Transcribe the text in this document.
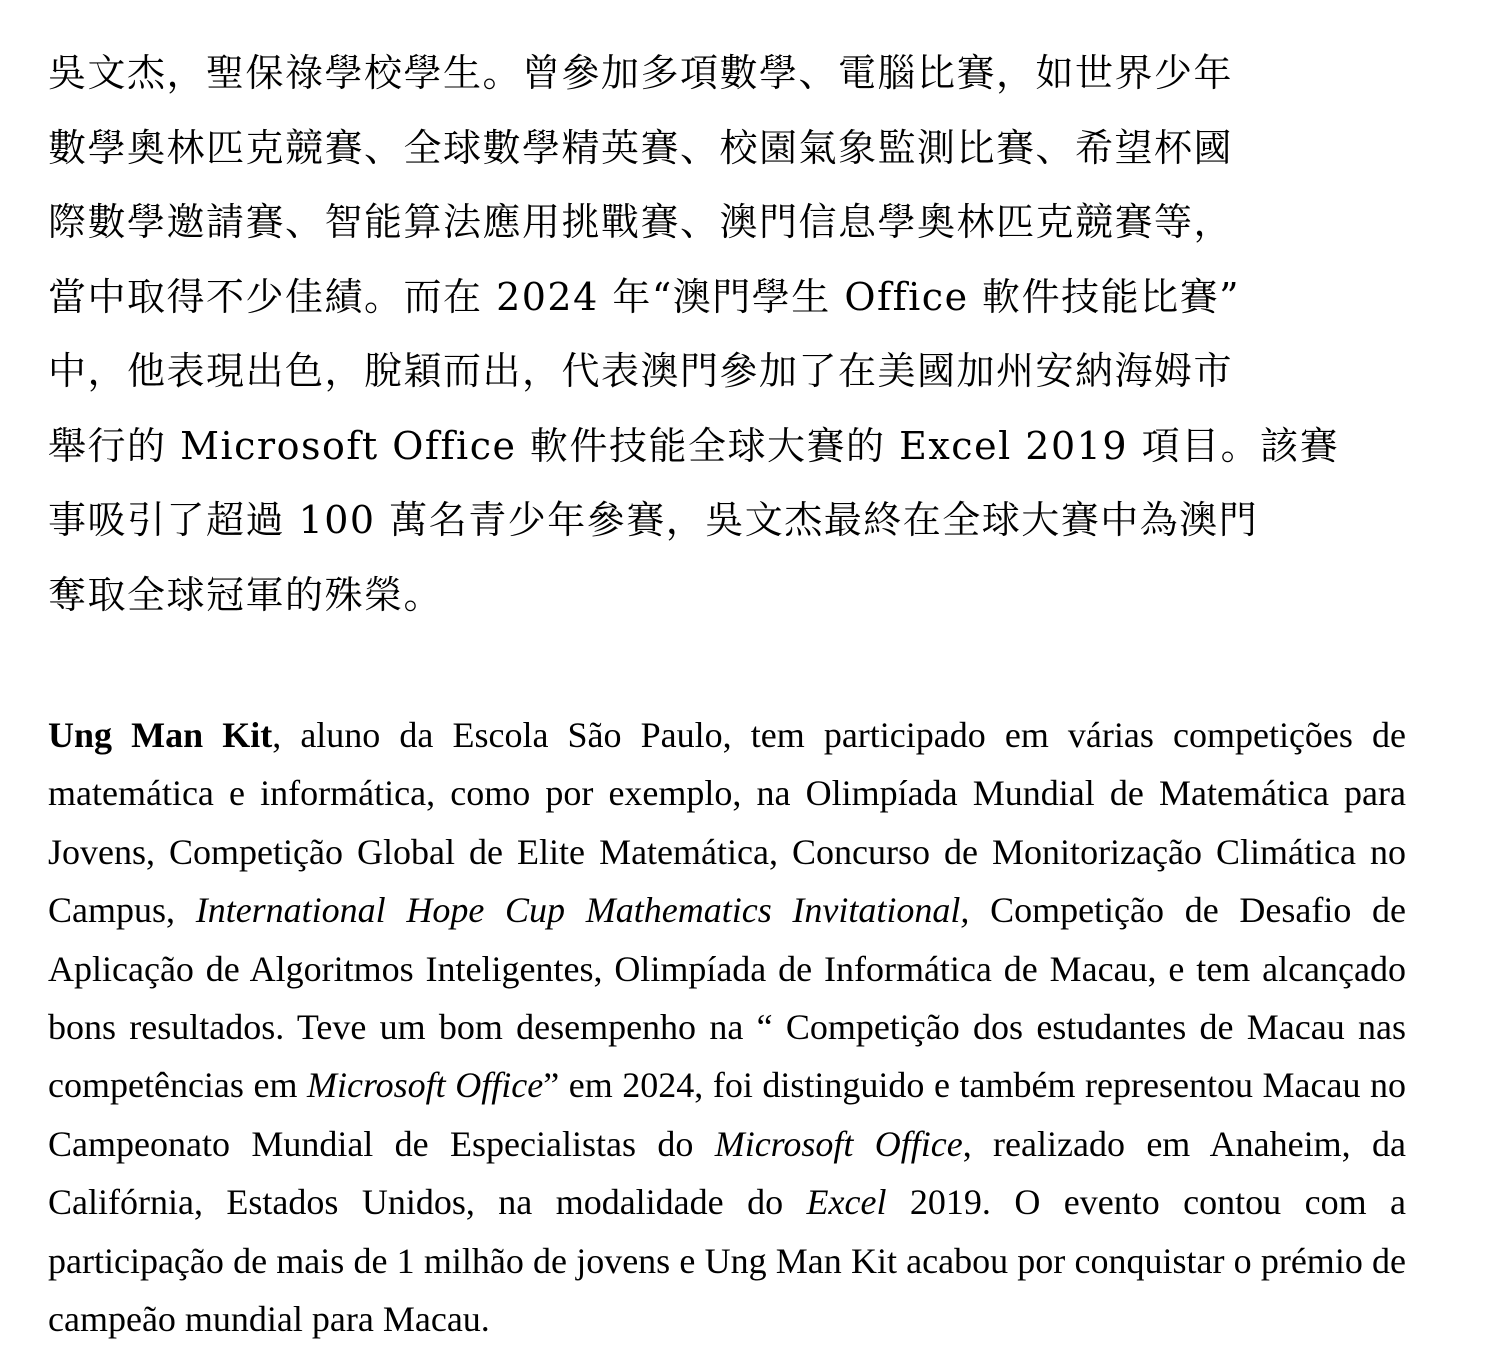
吳文杰，聖保祿學校學生。曾參加多項數學、電腦比賽，如世界少年
數學奧林匹克競賽、全球數學精英賽、校園氣象監測比賽、希望杯國
際數學邀請賽、智能算法應用挑戰賽、澳門信息學奧林匹克競賽等，
當中取得不少佳績。而在 2024 年“澳門學生 Office 軟件技能比賽”
中，他表現出色，脫穎而出，代表澳門參加了在美國加州安納海姆市
舉行的 Microsoft Office 軟件技能全球大賽的 Excel 2019 項目。該賽
事吸引了超過 100 萬名青少年參賽，吳文杰最終在全球大賽中為澳門
奪取全球冠軍的殊榮。

Ung Man Kit, aluno da Escola São Paulo, tem participado em várias competições de matemática e informática, como por exemplo, na Olimpíada Mundial de Matemática para Jovens, Competição Global de Elite Matemática, Concurso de Monitorização Climática no Campus, International Hope Cup Mathematics Invitational, Competição de Desafio de Aplicação de Algoritmos Inteligentes, Olimpíada de Informática de Macau, e tem alcançado bons resultados. Teve um bom desempenho na “ Competição dos estudantes de Macau nas competências em Microsoft Office” em 2024, foi distinguido e também representou Macau no Campeonato Mundial de Especialistas do Microsoft Office, realizado em Anaheim, da Califórnia, Estados Unidos, na modalidade do Excel 2019. O evento contou com a participação de mais de 1 milhão de jovens e Ung Man Kit acabou por conquistar o prémio de campeão mundial para Macau.
